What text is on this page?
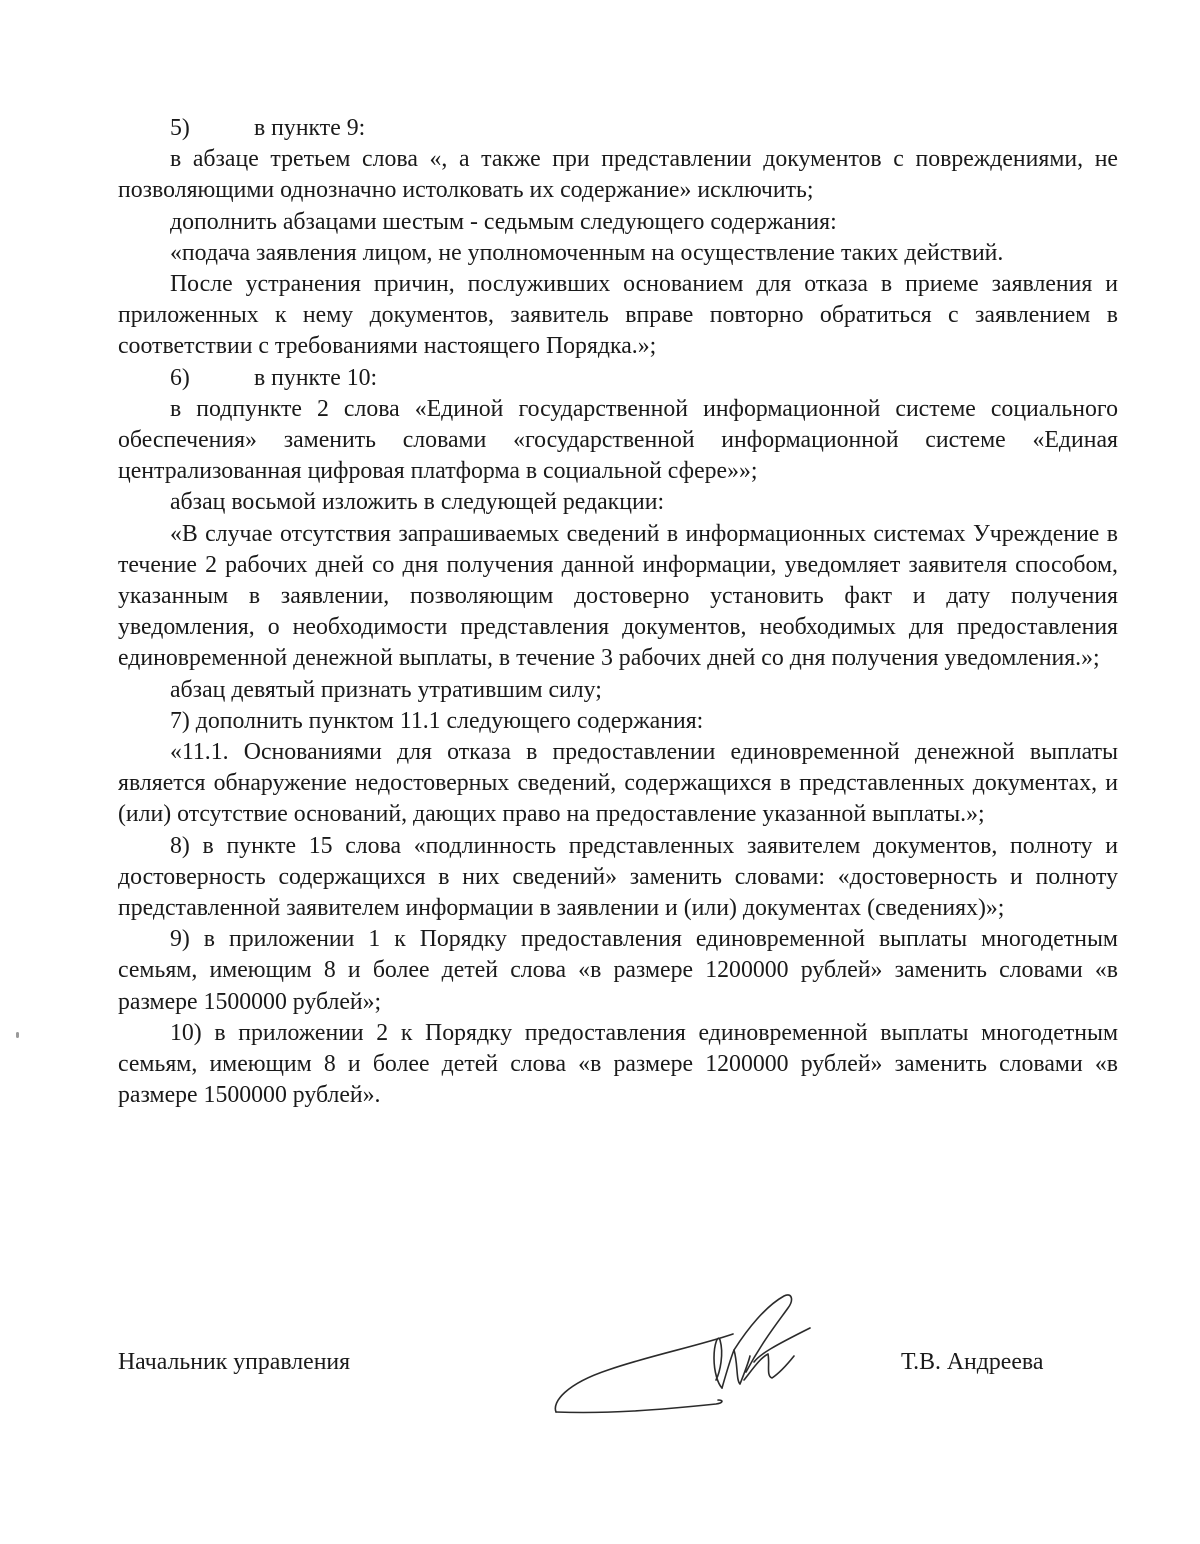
5)	в пункте 9:

в абзаце третьем слова «, а также при представлении документов с повреждениями, не позволяющими однозначно истолковать их содержание» исключить;

дополнить абзацами шестым - седьмым следующего содержания:

«подача заявления лицом, не уполномоченным на осуществление таких действий.

После устранения причин, послуживших основанием для отказа в приеме заявления и приложенных к нему документов, заявитель вправе повторно обратиться с заявлением в соответствии с требованиями настоящего Порядка.»;

6)	в пункте 10:

в подпункте 2 слова «Единой государственной информационной системе социального обеспечения» заменить словами «государственной информационной системе «Единая централизованная цифровая платформа в социальной сфере»»;

абзац восьмой изложить в следующей редакции:

«В случае отсутствия запрашиваемых сведений в информационных системах Учреждение в течение 2 рабочих дней со дня получения данной информации, уведомляет заявителя способом, указанным в заявлении, позволяющим достоверно установить факт и дату получения уведомления, о необходимости представления документов, необходимых для предоставления единовременной денежной выплаты, в течение 3 рабочих дней со дня получения уведомления.»;

абзац девятый признать утратившим силу;

7) дополнить пунктом 11.1 следующего содержания:

«11.1. Основаниями для отказа в предоставлении единовременной денежной выплаты является обнаружение недостоверных сведений, содержащихся в представленных документах, и (или) отсутствие оснований, дающих право на предоставление указанной выплаты.»;

8) в пункте 15 слова «подлинность представленных заявителем документов, полноту и достоверность содержащихся в них сведений» заменить словами: «достоверность и полноту представленной заявителем информации в заявлении и (или) документах (сведениях)»;

9) в приложении 1 к Порядку предоставления единовременной выплаты многодетным семьям, имеющим 8 и более детей слова «в размере 1200000 рублей» заменить словами «в размере 1500000 рублей»;

10) в приложении 2 к Порядку предоставления единовременной выплаты многодетным семьям, имеющим 8 и более детей слова «в размере 1200000 рублей» заменить словами «в размере 1500000 рублей».

Начальник управления	Т.В. Андреева
